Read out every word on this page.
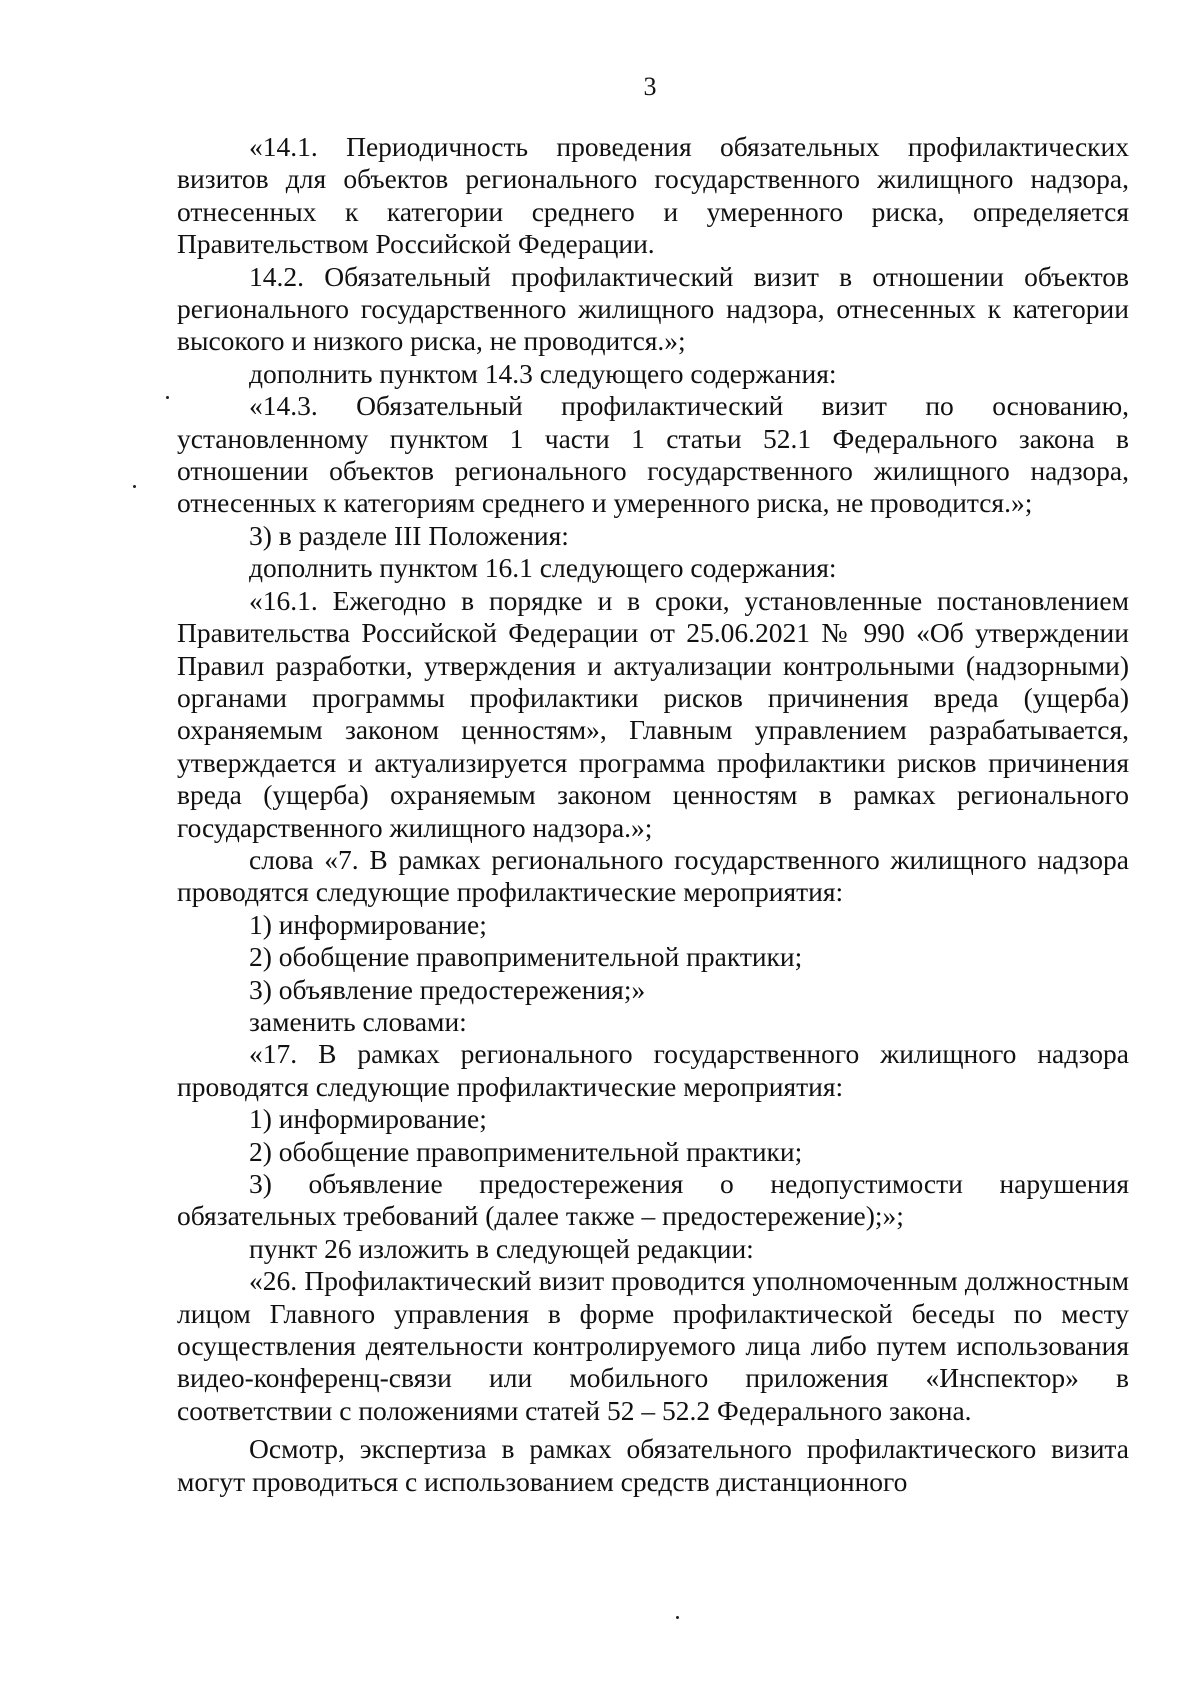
3

«14.1. Периодичность проведения обязательных профилактических визитов для объектов регионального государственного жилищного надзора, отнесенных к категории среднего и умеренного риска, определяется Правительством Российской Федерации.

14.2. Обязательный профилактический визит в отношении объектов регионального государственного жилищного надзора, отнесенных к категории высокого и низкого риска, не проводится.»;

дополнить пунктом 14.3 следующего содержания:

«14.3. Обязательный профилактический визит по основанию, установленному пунктом 1 части 1 статьи 52.1 Федерального закона в отношении объектов регионального государственного жилищного надзора, отнесенных к категориям среднего и умеренного риска, не проводится.»;

3) в разделе III Положения:

дополнить пунктом 16.1 следующего содержания:

«16.1. Ежегодно в порядке и в сроки, установленные постановлением Правительства Российской Федерации от 25.06.2021 № 990 «Об утверждении Правил разработки, утверждения и актуализации контрольными (надзорными) органами программы профилактики рисков причинения вреда (ущерба) охраняемым законом ценностям», Главным управлением разрабатывается, утверждается и актуализируется программа профилактики рисков причинения вреда (ущерба) охраняемым законом ценностям в рамках регионального государственного жилищного надзора.»;

слова «7. В рамках регионального государственного жилищного надзора проводятся следующие профилактические мероприятия:

1) информирование;

2) обобщение правоприменительной практики;

3) объявление предостережения;»

заменить словами:

«17. В рамках регионального государственного жилищного надзора проводятся следующие профилактические мероприятия:

1) информирование;

2) обобщение правоприменительной практики;

3) объявление предостережения о недопустимости нарушения обязательных требований (далее также – предостережение);»;

пункт 26 изложить в следующей редакции:

«26. Профилактический визит проводится уполномоченным должностным лицом Главного управления в форме профилактической беседы по месту осуществления деятельности контролируемого лица либо путем использования видео-конференц-связи или мобильного приложения «Инспектор» в соответствии с положениями статей 52 – 52.2 Федерального закона.

Осмотр, экспертиза в рамках обязательного профилактического визита могут проводиться с использованием средств дистанционного
